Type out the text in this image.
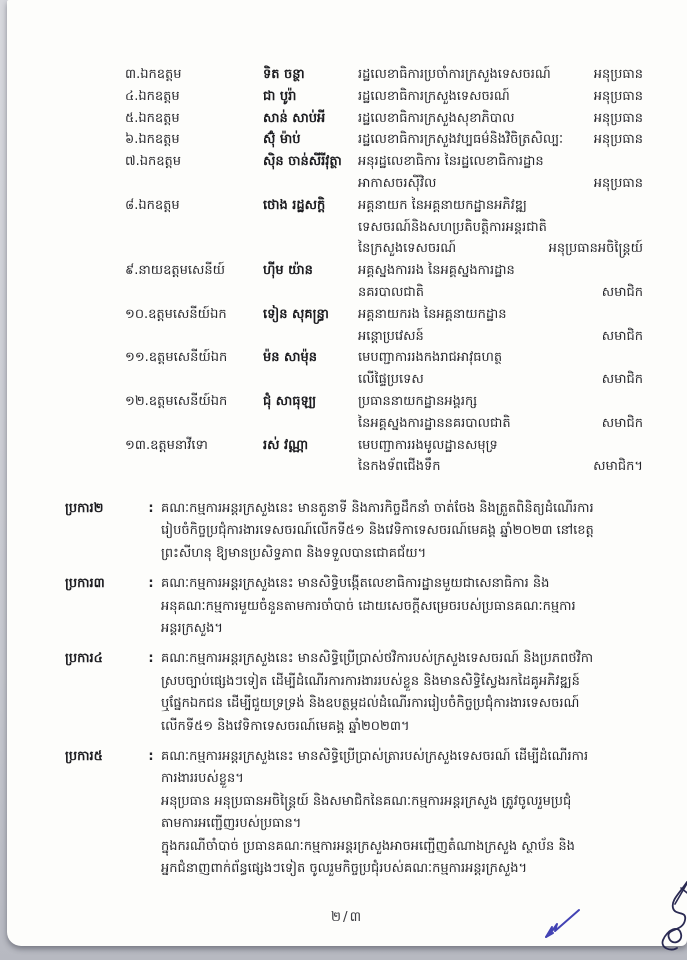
៣.ឯកឧត្តម	ទិត ចន្ថា	រដ្ឋលេខាធិការប្រចាំការក្រសួងទេសចរណ៍	អនុប្រធាន
៤.ឯកឧត្តម	ជា បូរ៉ា	រដ្ឋលេខាធិការក្រសួងទេសចរណ៍	អនុប្រធាន
៥.ឯកឧត្តម	សាន់ សាប់អី	រដ្ឋលេខាធិការក្រសួងសុខាភិបាល	អនុប្រធាន
៦.ឯកឧត្តម	ស៊ុំ ម៉ាប់	រដ្ឋលេខាធិការក្រសួងវប្បធម៌និងវិចិត្រសិល្បៈ	អនុប្រធាន
៧.ឯកឧត្តម	ស៊ិន ចាន់សីរីវុត្ថា	អនុរដ្ឋលេខាធិការ នៃរដ្ឋលេខាធិការដ្ឋាន
អាកាសចរស៊ីវិល	អនុប្រធាន
៨.ឯកឧត្តម	ថោង រដ្ឋសក្តិ	អគ្គនាយក នៃអគ្គនាយកដ្ឋានអភិវឌ្ឍ
ទេសចរណ៍និងសហប្រតិបត្តិការអន្តរជាតិ
នៃក្រសួងទេសចរណ៍	អនុប្រធានអចិន្ត្រៃយ៍
៩.នាយឧត្តមសេនីយ៍	ហ៊ីម យ៉ាន	អគ្គស្នងការរង នៃអគ្គស្នងការដ្ឋាន
នគរបាលជាតិ	សមាជិក
១០.ឧត្តមសេនីយ៍ឯក	ទៀន សុគន្ធ្រា	អគ្គនាយករង នៃអគ្គនាយកដ្ឋាន
អន្តោប្រវេសន៍	សមាជិក
១១.ឧត្តមសេនីយ៍ឯក	ម៉ន សាម៉ុន	មេបញ្ជាការរងកងរាជអាវុធហត្ថ
លើផ្ទៃប្រទេស	សមាជិក
១២.ឧត្តមសេនីយ៍ឯក	ជុំ សាធុឡ្យ	ប្រធាននាយកដ្ឋានអង្គរក្ស
នៃអគ្គស្នងការដ្ឋាននគរបាលជាតិ	សមាជិក
១៣.ឧត្តមនាវីទោ	រស់ វណ្ណា	មេបញ្ជាការរងមូលដ្ឋានសមុទ្រ
នៃកងទ័ពជើងទឹក	សមាជិក។
ប្រការ២	: គណៈកម្មការអន្តរក្រសួងនេះ មានតួនាទី និងភារកិច្ចដឹកនាំ ចាត់ចែង និងត្រួតពិនិត្យដំណើរការ
រៀបចំកិច្ចប្រជុំការងារទេសចរណ៍លើកទី៥១ និងវេទិកាទេសចរណ៍មេគង្គ ឆ្នាំ២០២៣ នៅខេត្ត
ព្រះសីហនុ ឱ្យមានប្រសិទ្ធភាព និងទទួលបានជោគជ័យ។
ប្រការ៣	: គណៈកម្មការអន្តរក្រសួងនេះ មានសិទ្ធិបង្កើតលេខាធិការដ្ឋានមួយជាសេនាធិការ និង
អនុគណៈកម្មការមួយចំនួនតាមការចាំបាច់ ដោយសេចក្តីសម្រេចរបស់ប្រធានគណៈកម្មការ
អន្តរក្រសួង។
ប្រការ៤	: គណៈកម្មការអន្តរក្រសួងនេះ មានសិទ្ធិប្រើប្រាស់ថវិការបស់ក្រសួងទេសចរណ៍ និងប្រភពថវិកា
ស្របច្បាប់ផ្សេងៗទៀត ដើម្បីដំណើរការការងាររបស់ខ្លួន និងមានសិទ្ធិស្វែងរកដៃគូអភិវឌ្ឍន៍
ឬផ្នែកឯកជន ដើម្បីជួយទ្រទ្រង់ និងឧបត្ថម្ភដល់ដំណើរការរៀបចំកិច្ចប្រជុំការងារទេសចរណ៍
លើកទី៥១ និងវេទិកាទេសចរណ៍មេគង្គ ឆ្នាំ២០២៣។
ប្រការ៥	: គណៈកម្មការអន្តរក្រសួងនេះ មានសិទ្ធិប្រើប្រាស់ត្រារបស់ក្រសួងទេសចរណ៍ ដើម្បីដំណើរការ
ការងាររបស់ខ្លួន។
អនុប្រធាន អនុប្រធានអចិន្ត្រៃយ៍ និងសមាជិកនៃគណៈកម្មការអន្តរក្រសួង ត្រូវចូលរួមប្រជុំ
តាមការអញ្ជើញរបស់ប្រធាន។
ក្នុងករណីចាំបាច់ ប្រធានគណៈកម្មការអន្តរក្រសួងអាចអញ្ជើញតំណាងក្រសួង ស្ថាប័ន និង
អ្នកជំនាញពាក់ព័ន្ធផ្សេងៗទៀត ចូលរួមកិច្ចប្រជុំរបស់គណៈកម្មការអន្តរក្រសួង។
២/៣
